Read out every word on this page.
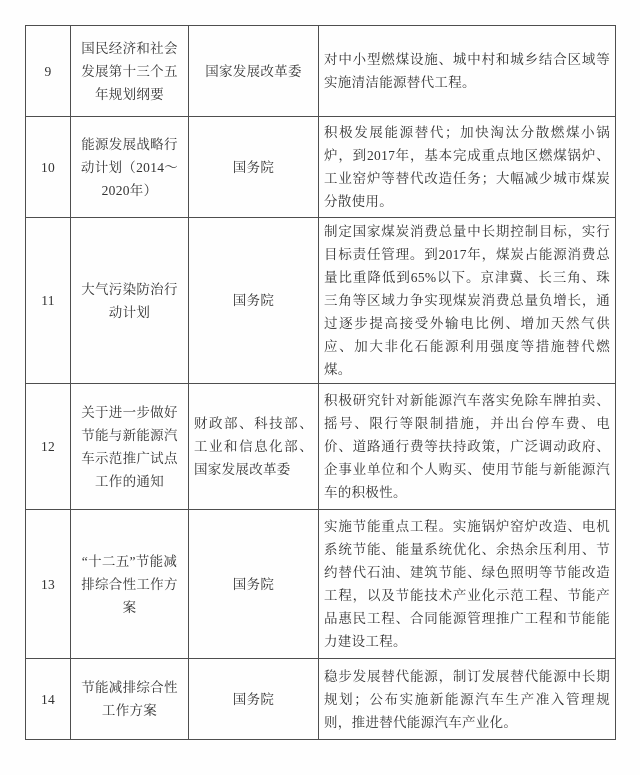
9	国民经济和社会发展第十三个五年规划纲要	国家发展改革委	对中小型燃煤设施、城中村和城乡结合区域等实施清洁能源替代工程。
10	能源发展战略行动计划（2014～2020年）	国务院	积极发展能源替代；加快淘汰分散燃煤小锅炉，到2017年，基本完成重点地区燃煤锅炉、工业窑炉等替代改造任务；大幅减少城市煤炭分散使用。
11	大气污染防治行动计划	国务院	制定国家煤炭消费总量中长期控制目标，实行目标责任管理。到2017年，煤炭占能源消费总量比重降低到65%以下。京津冀、长三角、珠三角等区域力争实现煤炭消费总量负增长，通过逐步提高接受外输电比例、增加天然气供应、加大非化石能源利用强度等措施替代燃煤。
12	关于进一步做好节能与新能源汽车示范推广试点工作的通知	财政部、科技部、工业和信息化部、国家发展改革委	积极研究针对新能源汽车落实免除车牌拍卖、摇号、限行等限制措施，并出台停车费、电价、道路通行费等扶持政策，广泛调动政府、企事业单位和个人购买、使用节能与新能源汽车的积极性。
13	“十二五”节能减排综合性工作方案	国务院	实施节能重点工程。实施锅炉窑炉改造、电机系统节能、能量系统优化、余热余压利用、节约替代石油、建筑节能、绿色照明等节能改造工程，以及节能技术产业化示范工程、节能产品惠民工程、合同能源管理推广工程和节能能力建设工程。
14	节能减排综合性工作方案	国务院	稳步发展替代能源，制订发展替代能源中长期规划；公布实施新能源汽车生产准入管理规则，推进替代能源汽车产业化。
